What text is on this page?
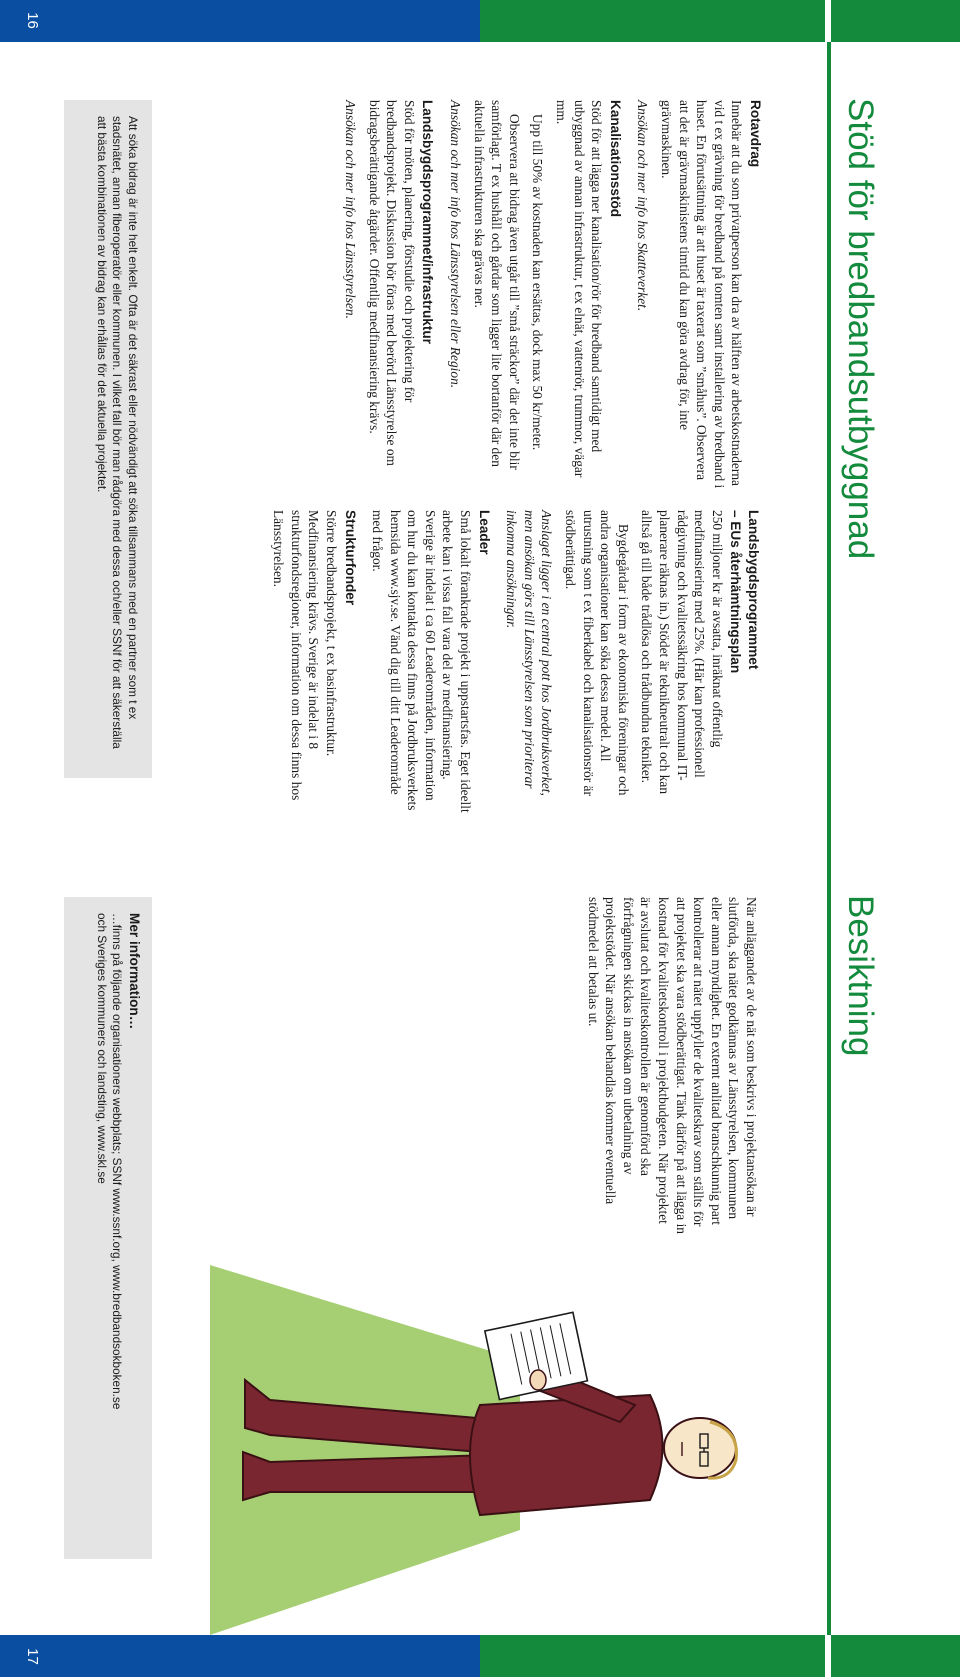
16
17
Stöd för bredbandsutbyggnad
Besiktning
Rotavdrag

Innebär att du som privatperson kan dra av hälften av arbetskostnaderna vid t ex grävning för bredband på tomten samt installering av bredband i huset. En förutsättning är att huset är taxerat som ”småhus”. Observera att det är grävmaskinistens timtid du kan göra avdrag för, inte grävmaskinen.

Ansökan och mer info hos Skatteverket.

Kanalisationsstöd

Stöd för att lägga ner kanalisation/rör för bredband samtidigt med utbyggnad av annan infrastruktur, t ex elnät, vattenrör, trummor, vägar mm.

Upp till 50% av kostnaden kan ersättas, dock max 50 kr/meter.

Observera att bidrag även utgår till ”små sträckor” där det inte blir samförlagt. T ex hushåll och gårdar som ligger lite bortanför där den aktuella infrastrukturen ska grävas ner.

Ansökan och mer info hos Länsstyrelsen eller Region.

Landsbygdsprogrammet/infrastruktur

Stöd för möten, planering, förstudie och projektering för bredbandsprojekt. Diskussion bör föras med berörd Länsstyrelse om bidragsberättigande åtgärder. Offentlig medfinansiering krävs.

Ansökan och mer info hos Länsstyrelsen.

Landsbygdsprogrammet
– EUs återhämtningsplan

250 miljoner kr är avsatta, inräknat offentlig medfinansiering med 25%. (Här kan professionell rådgivning och kvalitetssäkring hos kommunal IT-planerare räknas in.) Stödet är teknikneutralt och kan alltså gå till både trådlösa och trådbundna tekniker.

Bygdegårdar i form av ekonomiska föreningar och andra organisationer kan söka dessa medel. All utrustning som t ex fiberkabel och kanalisationsrör är stödberättigad.

Anslaget ligger i en central pott hos Jordbruksverket, men ansökan görs till Länsstyrelsen som prioriterar inkomna ansökningar.

Leader

Små lokalt förankrade projekt i uppstartsfas. Eget ideellt arbete kan i vissa fall vara del av medfinansiering. Sverige är indelat i ca 60 Leaderområden, information om hur du kan kontakta dessa finns på Jordbruksverkets hemsida www.sjv.se. Vänd dig till ditt Leaderområde med frågor.

Strukturfonder

Större bredbandsprojekt, t ex basinfrastruktur. Medfinansiering krävs. Sverige är indelat i 8 strukturfondsregioner, information om dessa finns hos Länsstyrelsen.

När anläggandet av de nät som beskrivs i projektansökan är slutförda, ska nätet godkännas av Länsstyrelsen, kommunen eller annan myndighet. En externt anlitad branschkunnig part kontrollerar att nätet uppfyller de kvalitetskrav som ställts för att projektet ska vara stödberättigat. Tänk därför på att lägga in kostnad för kvalitetskontroll i projektbudgeten. När projektet är avslutat och kvalitetskontrollen är genomförd ska förfrågningen skickas in ansökan om utbetalning av projektstödet. När ansökan behandlas kommer eventuella stödmedel att betalas ut.

Att söka bidrag är inte helt enkelt. Ofta är det säkrast eller nödvändigt att söka tillsammans med en partner som t ex stadsnätet, annan fiberoperatör eller kommunen. I vilket fall bör man rådgöra med dessa och/eller SSNf för att säkerställa att bästa kombinationen av bidrag kan erhållas för det aktuella projektet.

Mer information…

…finns på följande organisationers webbplats; SSNf www.ssnf.org, www.bredbandsokboken.se

och Sveriges kommuners och landsting, www.skl.se
